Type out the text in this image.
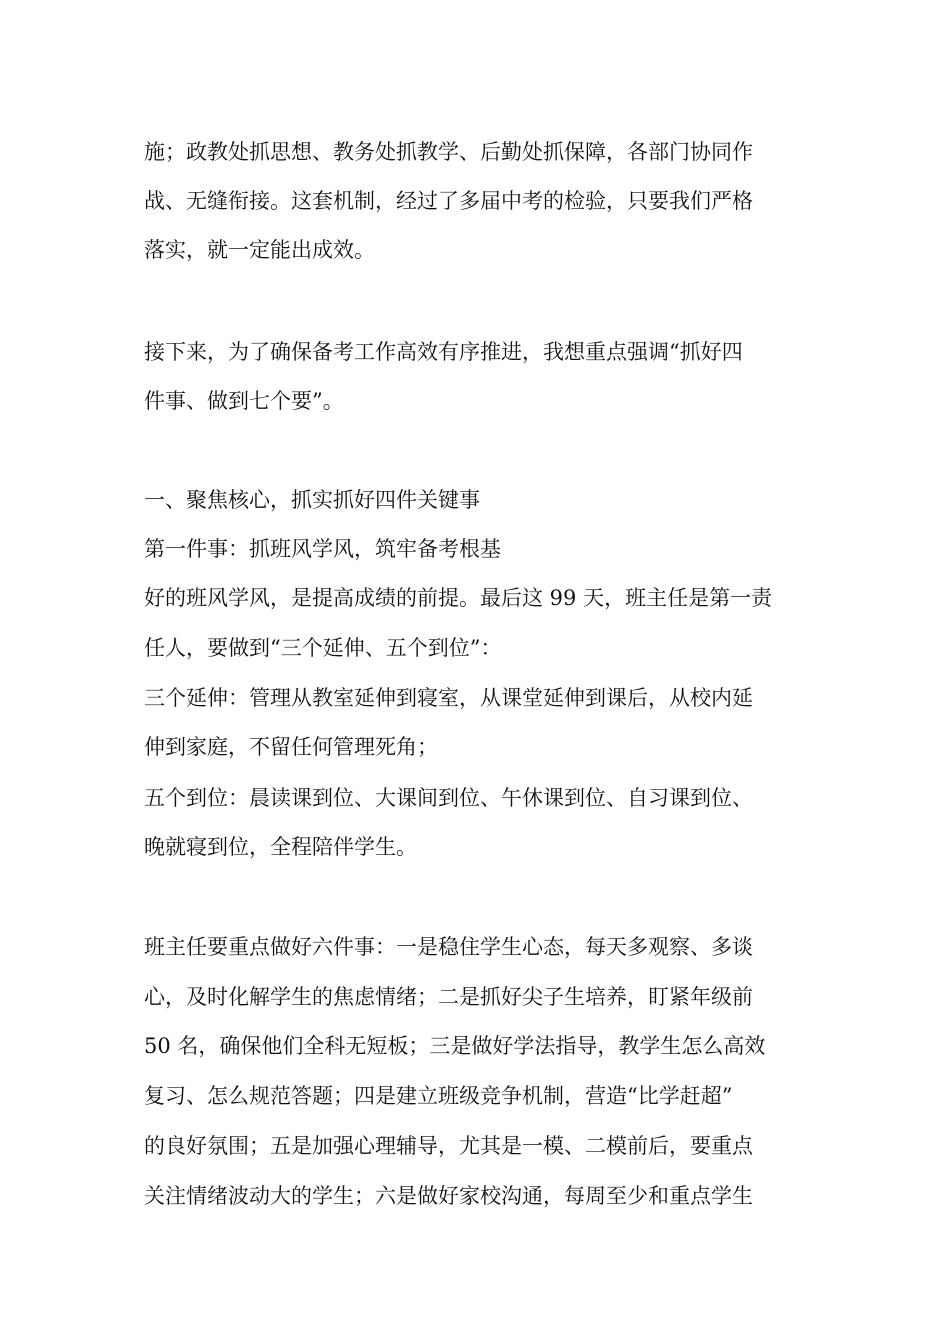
施；政教处抓思想、教务处抓教学、后勤处抓保障，各部门协同作

战、无缝衔接。这套机制，经过了多届中考的检验，只要我们严格

落实，就一定能出成效。

接下来，为了确保备考工作高效有序推进，我想重点强调“抓好四

件事、做到七个要”。

一、聚焦核心，抓实抓好四件关键事

第一件事：抓班风学风，筑牢备考根基

好的班风学风，是提高成绩的前提。最后这 99 天，班主任是第一责

任人，要做到“三个延伸、五个到位”：

三个延伸：管理从教室延伸到寝室，从课堂延伸到课后，从校内延

伸到家庭，不留任何管理死角；

五个到位：晨读课到位、大课间到位、午休课到位、自习课到位、

晚就寝到位，全程陪伴学生。

班主任要重点做好六件事：一是稳住学生心态，每天多观察、多谈

心，及时化解学生的焦虑情绪；二是抓好尖子生培养，盯紧年级前

50 名，确保他们全科无短板；三是做好学法指导，教学生怎么高效

复习、怎么规范答题；四是建立班级竞争机制，营造“比学赶超”

的良好氛围；五是加强心理辅导，尤其是一模、二模前后，要重点

关注情绪波动大的学生；六是做好家校沟通，每周至少和重点学生
